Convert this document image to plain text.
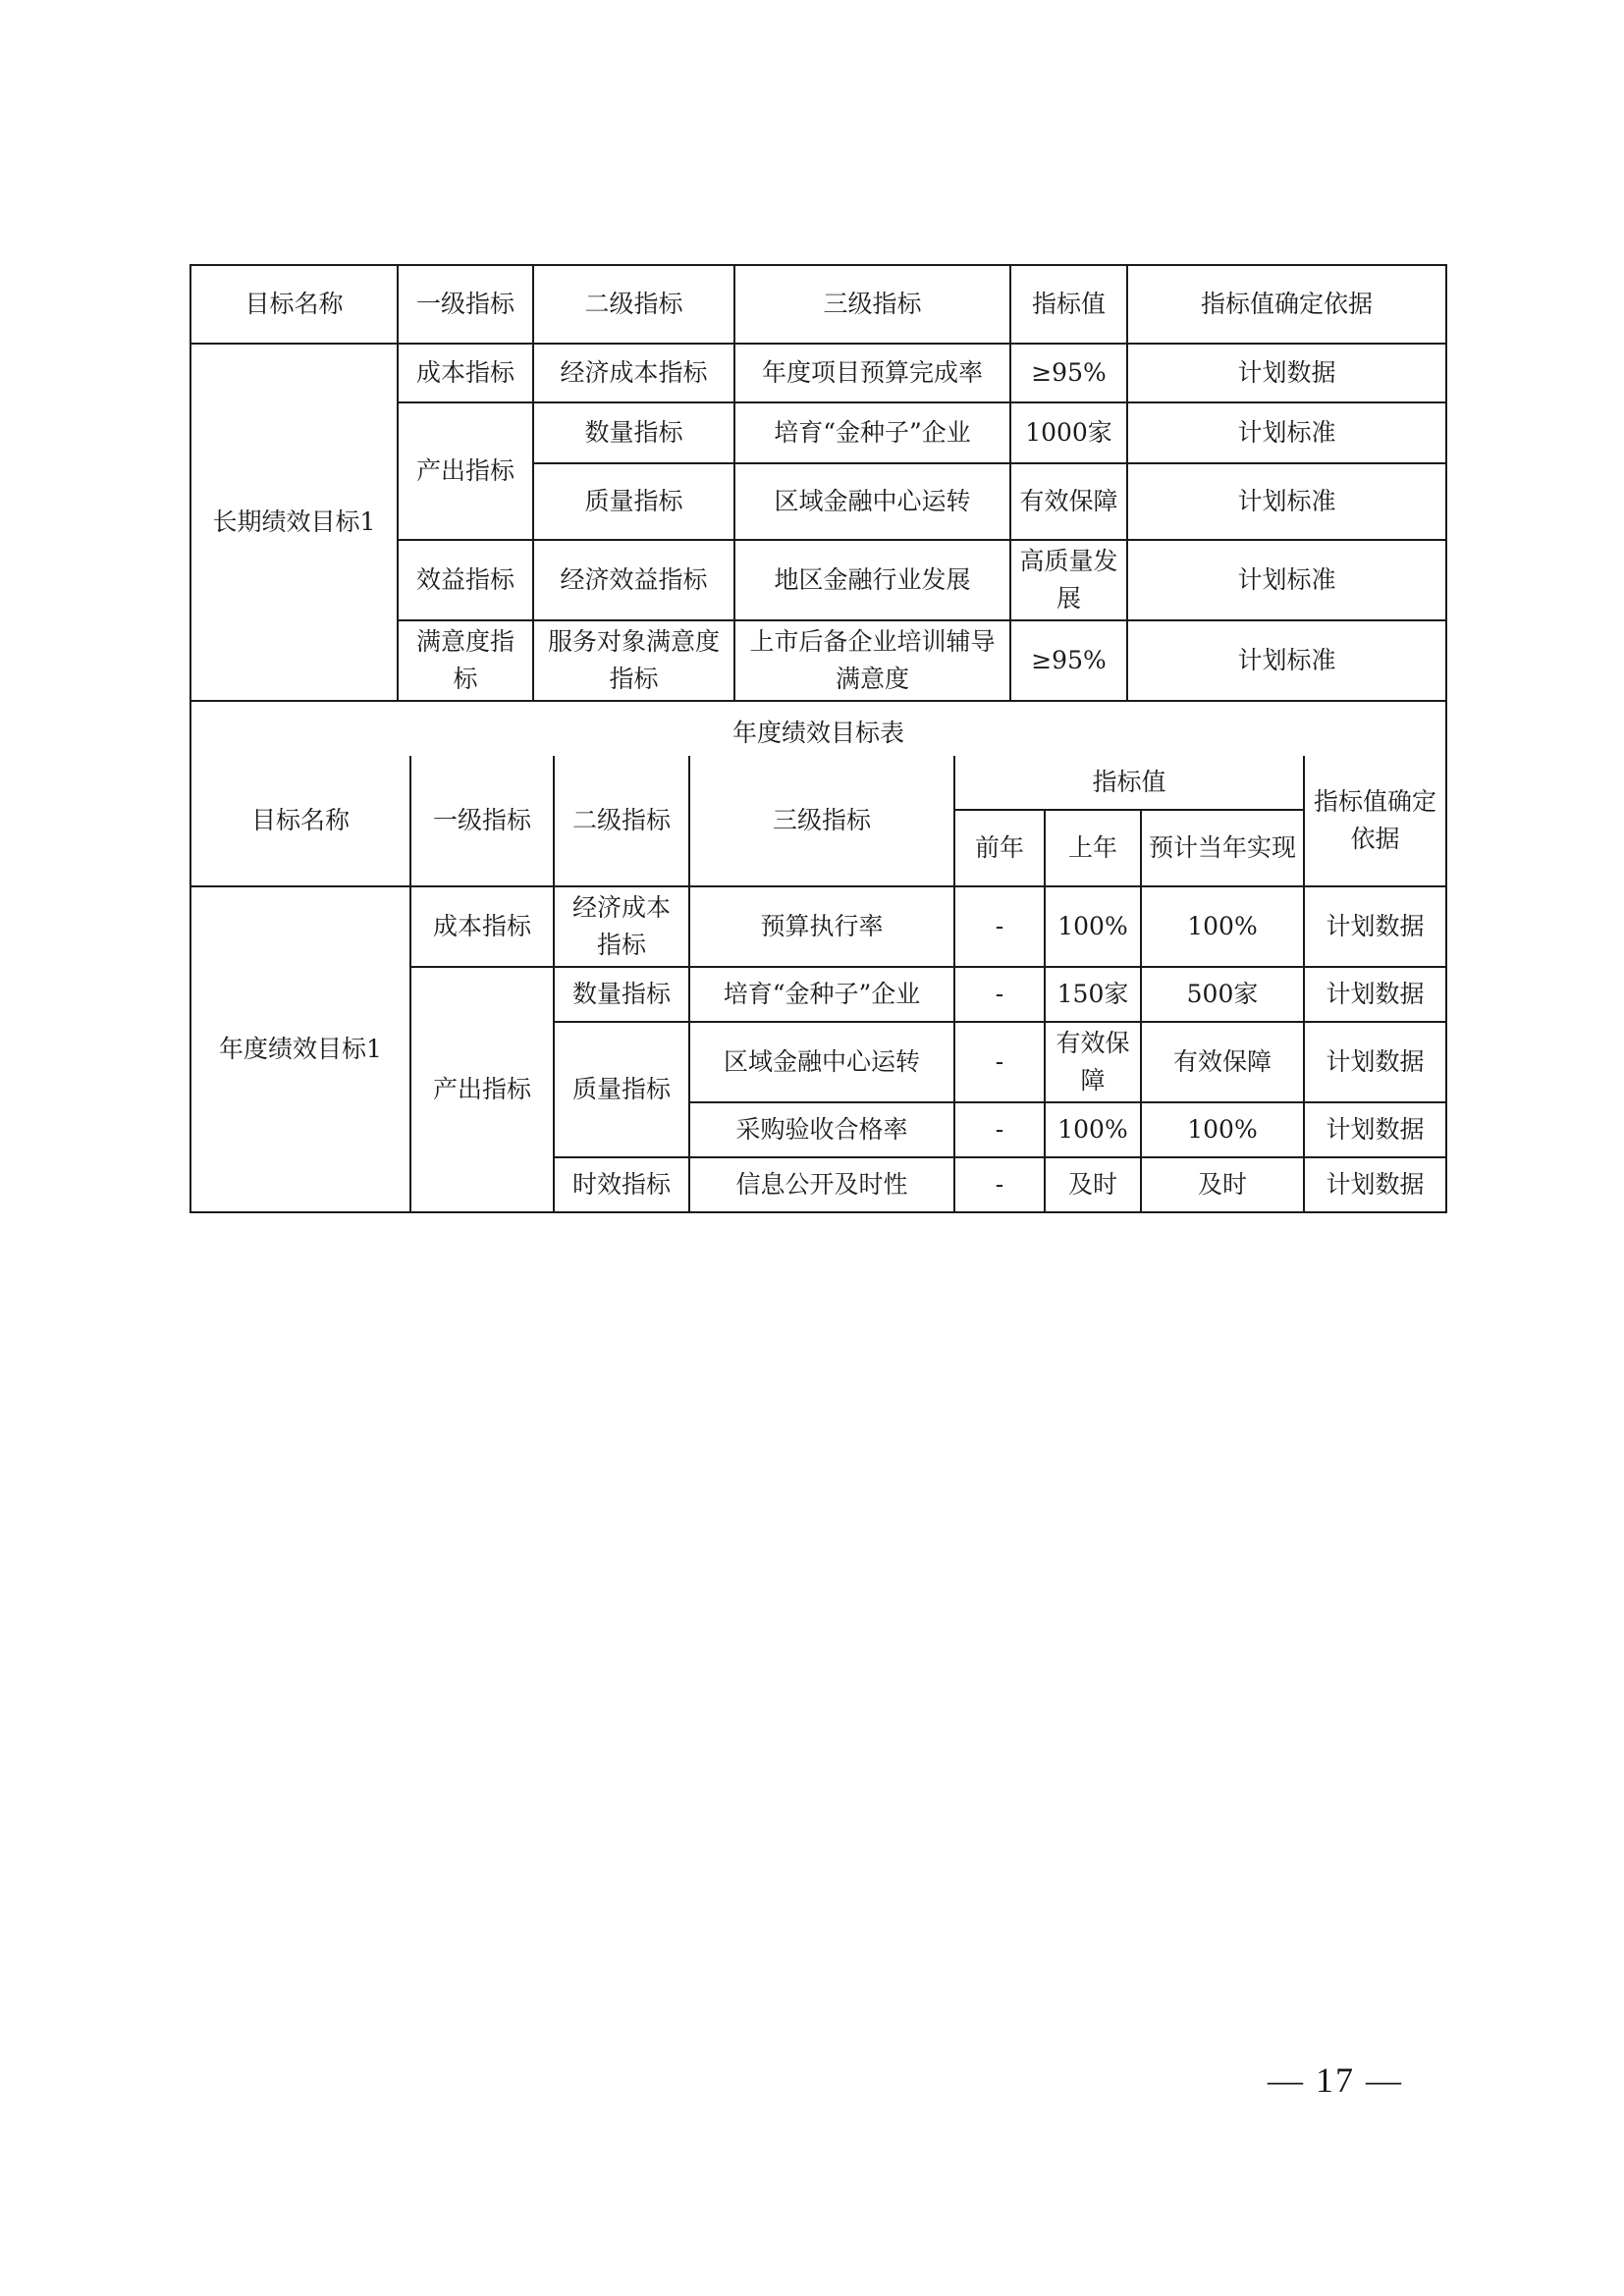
目标名称	一级指标	二级指标	三级指标	指标值	指标值确定依据
长期绩效目标1	成本指标	经济成本指标	年度项目预算完成率	≥95%	计划数据
	产出指标	数量指标	培育“金种子”企业	1000家	计划标准
		质量指标	区域金融中心运转	有效保障	计划标准
	效益指标	经济效益指标	地区金融行业发展	高质量发展	计划标准
	满意度指标	服务对象满意度指标	上市后备企业培训辅导满意度	≥95%	计划标准
年度绩效目标表					
目标名称	一级指标	二级指标	三级指标	指标值			指标值确定依据
				前年	上年	预计当年实现	
年度绩效目标1	成本指标	经济成本指标	预算执行率	-	100%	100%	计划数据
	产出指标	数量指标	培育“金种子”企业	-	150家	500家	计划数据
		质量指标	区域金融中心运转	-	有效保障	有效保障	计划数据
			采购验收合格率	-	100%	100%	计划数据
		时效指标	信息公开及时性	-	及时	及时	计划数据
— 17 —
